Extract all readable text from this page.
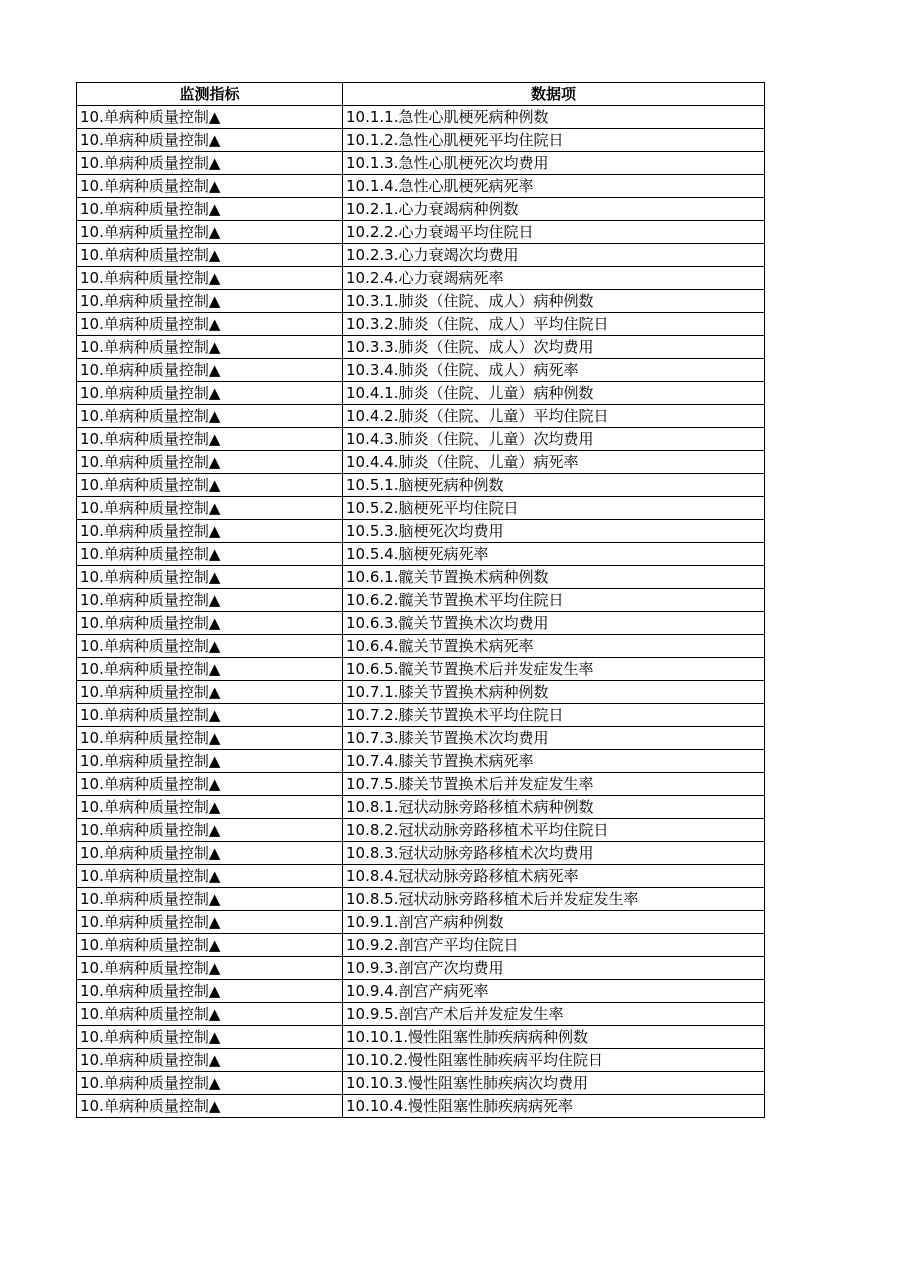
监测指标	数据项
10.单病种质量控制▲	10.1.1.急性心肌梗死病种例数
10.单病种质量控制▲	10.1.2.急性心肌梗死平均住院日
10.单病种质量控制▲	10.1.3.急性心肌梗死次均费用
10.单病种质量控制▲	10.1.4.急性心肌梗死病死率
10.单病种质量控制▲	10.2.1.心力衰竭病种例数
10.单病种质量控制▲	10.2.2.心力衰竭平均住院日
10.单病种质量控制▲	10.2.3.心力衰竭次均费用
10.单病种质量控制▲	10.2.4.心力衰竭病死率
10.单病种质量控制▲	10.3.1.肺炎（住院、成人）病种例数
10.单病种质量控制▲	10.3.2.肺炎（住院、成人）平均住院日
10.单病种质量控制▲	10.3.3.肺炎（住院、成人）次均费用
10.单病种质量控制▲	10.3.4.肺炎（住院、成人）病死率
10.单病种质量控制▲	10.4.1.肺炎（住院、儿童）病种例数
10.单病种质量控制▲	10.4.2.肺炎（住院、儿童）平均住院日
10.单病种质量控制▲	10.4.3.肺炎（住院、儿童）次均费用
10.单病种质量控制▲	10.4.4.肺炎（住院、儿童）病死率
10.单病种质量控制▲	10.5.1.脑梗死病种例数
10.单病种质量控制▲	10.5.2.脑梗死平均住院日
10.单病种质量控制▲	10.5.3.脑梗死次均费用
10.单病种质量控制▲	10.5.4.脑梗死病死率
10.单病种质量控制▲	10.6.1.髋关节置换术病种例数
10.单病种质量控制▲	10.6.2.髋关节置换术平均住院日
10.单病种质量控制▲	10.6.3.髋关节置换术次均费用
10.单病种质量控制▲	10.6.4.髋关节置换术病死率
10.单病种质量控制▲	10.6.5.髋关节置换术后并发症发生率
10.单病种质量控制▲	10.7.1.膝关节置换术病种例数
10.单病种质量控制▲	10.7.2.膝关节置换术平均住院日
10.单病种质量控制▲	10.7.3.膝关节置换术次均费用
10.单病种质量控制▲	10.7.4.膝关节置换术病死率
10.单病种质量控制▲	10.7.5.膝关节置换术后并发症发生率
10.单病种质量控制▲	10.8.1.冠状动脉旁路移植术病种例数
10.单病种质量控制▲	10.8.2.冠状动脉旁路移植术平均住院日
10.单病种质量控制▲	10.8.3.冠状动脉旁路移植术次均费用
10.单病种质量控制▲	10.8.4.冠状动脉旁路移植术病死率
10.单病种质量控制▲	10.8.5.冠状动脉旁路移植术后并发症发生率
10.单病种质量控制▲	10.9.1.剖宫产病种例数
10.单病种质量控制▲	10.9.2.剖宫产平均住院日
10.单病种质量控制▲	10.9.3.剖宫产次均费用
10.单病种质量控制▲	10.9.4.剖宫产病死率
10.单病种质量控制▲	10.9.5.剖宫产术后并发症发生率
10.单病种质量控制▲	10.10.1.慢性阻塞性肺疾病病种例数
10.单病种质量控制▲	10.10.2.慢性阻塞性肺疾病平均住院日
10.单病种质量控制▲	10.10.3.慢性阻塞性肺疾病次均费用
10.单病种质量控制▲	10.10.4.慢性阻塞性肺疾病病死率
